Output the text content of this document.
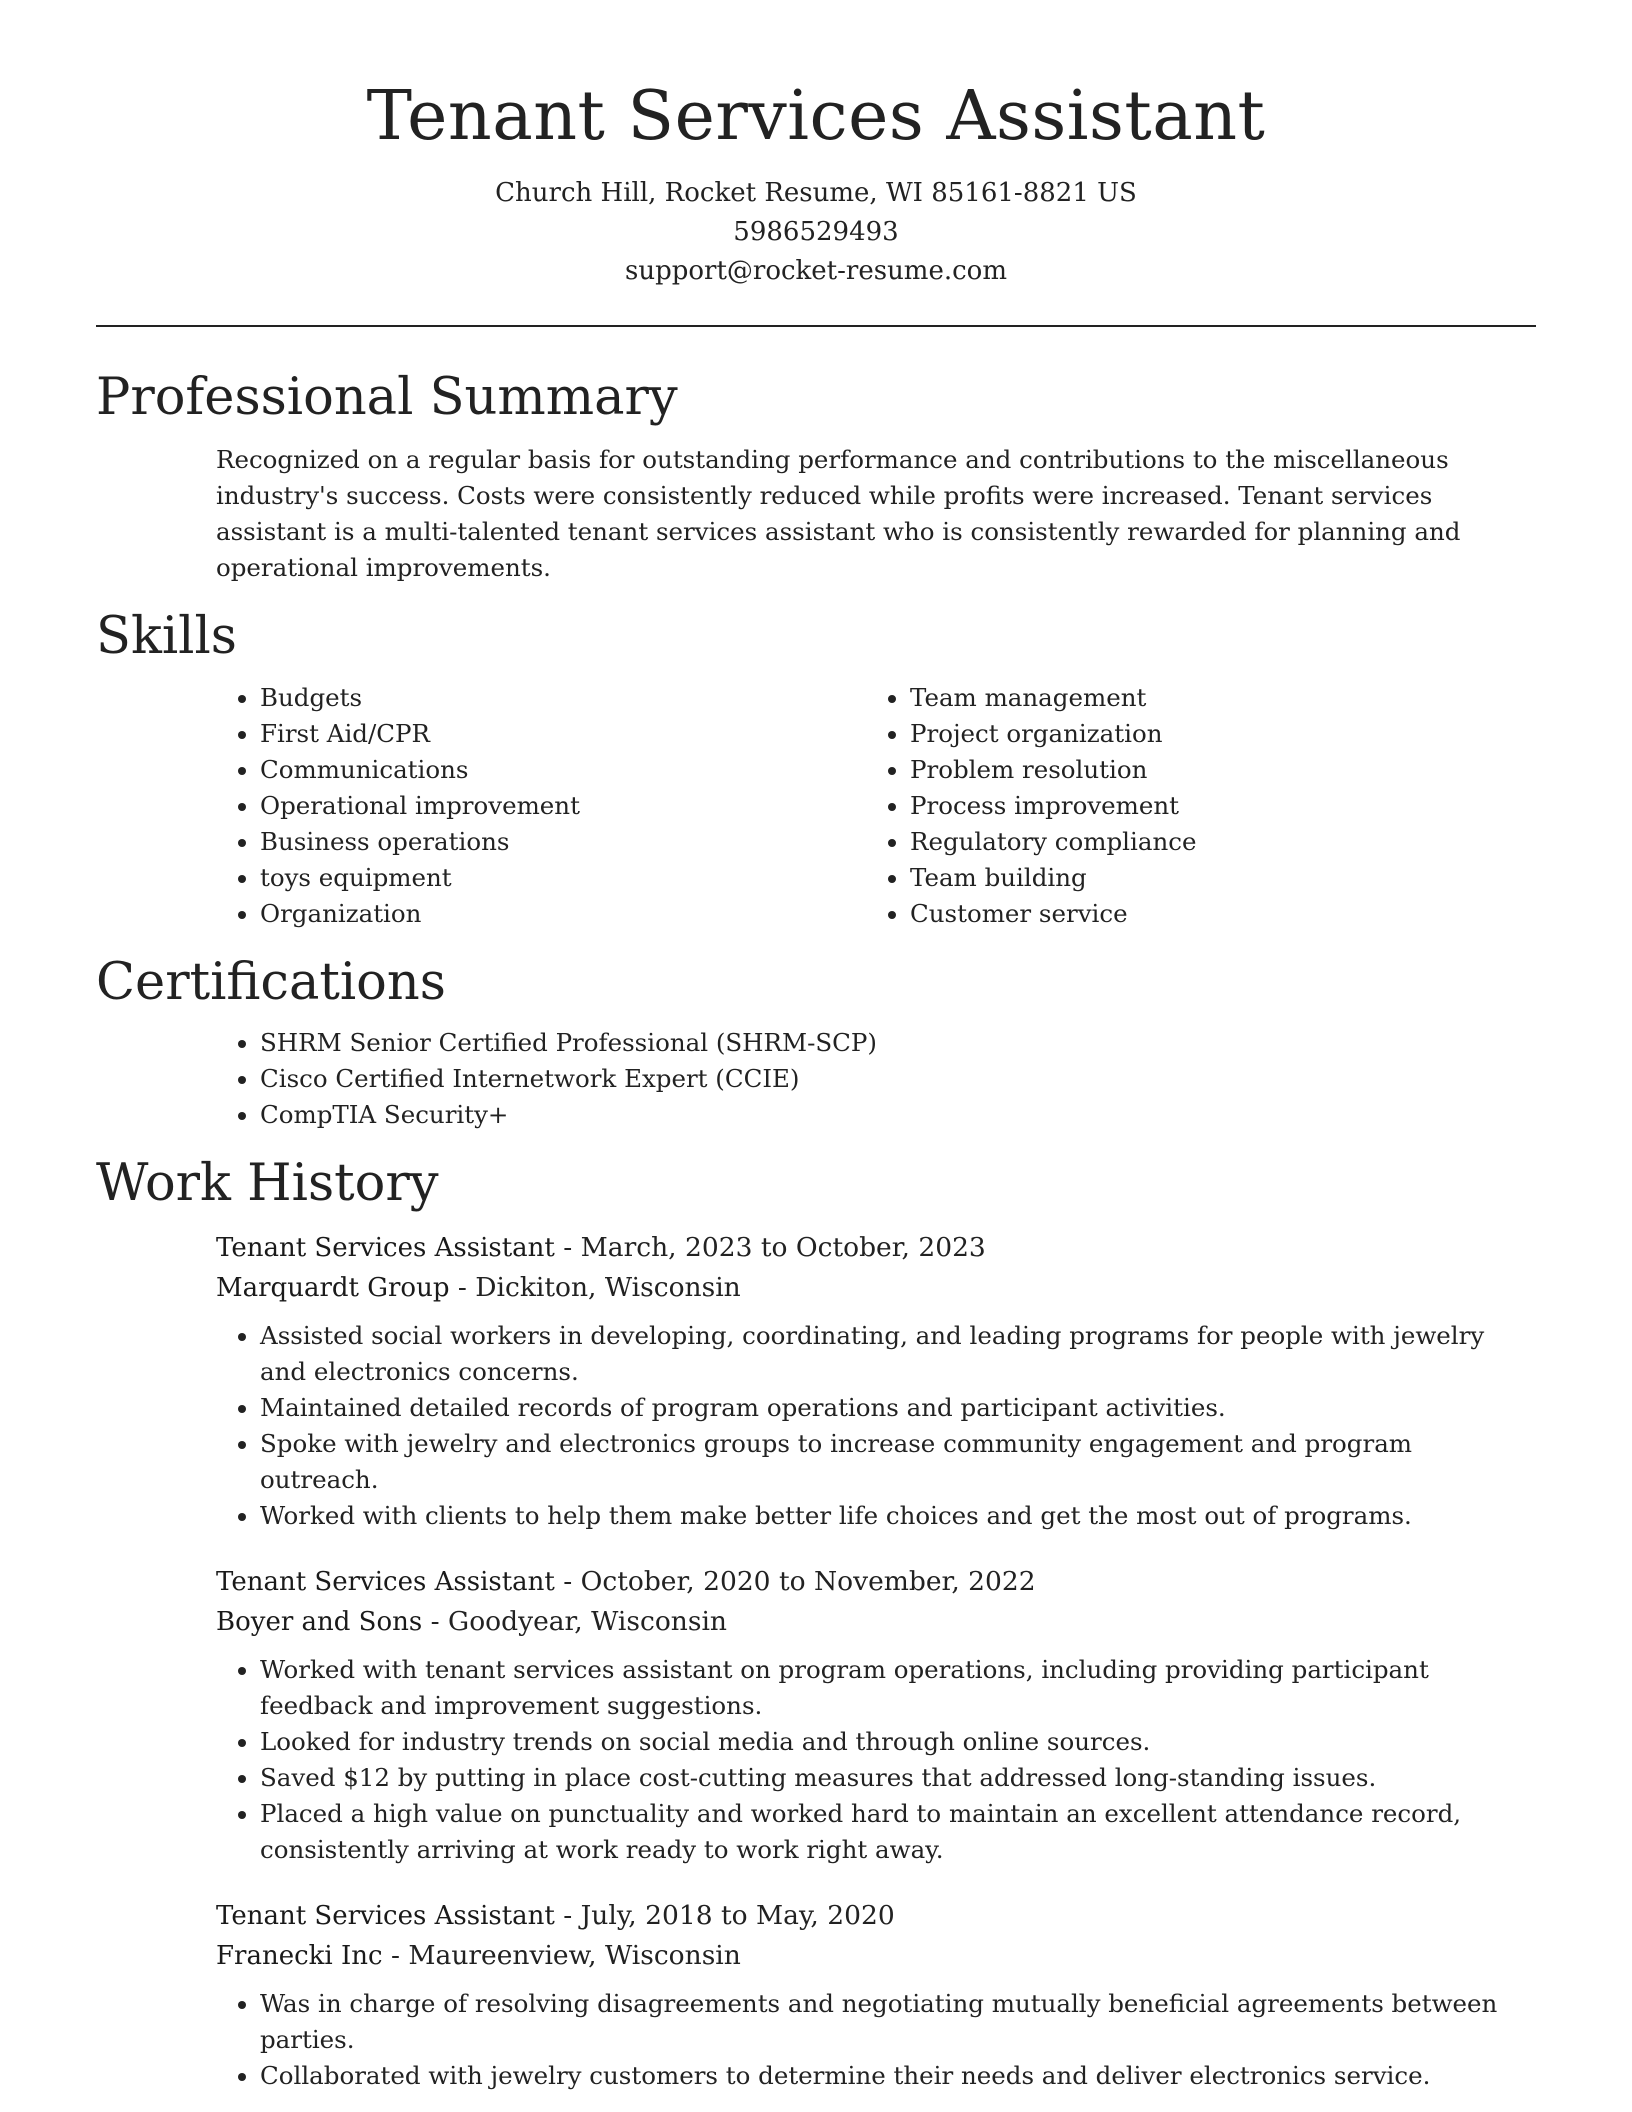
Tenant Services Assistant

Church Hill, Rocket Resume, WI 85161-8821 US

5986529493

support@rocket-resume.com

Professional Summary

Recognized on a regular basis for outstanding performance and contributions to the miscellaneous industry's success. Costs were consistently reduced while profits were increased. Tenant services assistant is a multi-talented tenant services assistant who is consistently rewarded for planning and operational improvements.

Skills
• Budgets
• First Aid/CPR
• Communications
• Operational improvement
• Business operations
• toys equipment
• Organization
• Team management
• Project organization
• Problem resolution
• Process improvement
• Regulatory compliance
• Team building
• Customer service
Certifications
• SHRM Senior Certified Professional (SHRM-SCP)
• Cisco Certified Internetwork Expert (CCIE)
• CompTIA Security+
Work History

Tenant Services Assistant - March, 2023 to October, 2023

Marquardt Group - Dickiton, Wisconsin

• Assisted social workers in developing, coordinating, and leading programs for people with jewelry and electronics concerns.
• Maintained detailed records of program operations and participant activities.
• Spoke with jewelry and electronics groups to increase community engagement and program outreach.
• Worked with clients to help them make better life choices and get the most out of programs.

Tenant Services Assistant - October, 2020 to November, 2022

Boyer and Sons - Goodyear, Wisconsin

• Worked with tenant services assistant on program operations, including providing participant feedback and improvement suggestions.
• Looked for industry trends on social media and through online sources.
• Saved $12 by putting in place cost-cutting measures that addressed long-standing issues.
• Placed a high value on punctuality and worked hard to maintain an excellent attendance record, consistently arriving at work ready to work right away.

Tenant Services Assistant - July, 2018 to May, 2020

Franecki Inc - Maureenview, Wisconsin

• Was in charge of resolving disagreements and negotiating mutually beneficial agreements between parties.
• Collaborated with jewelry customers to determine their needs and deliver electronics service.
